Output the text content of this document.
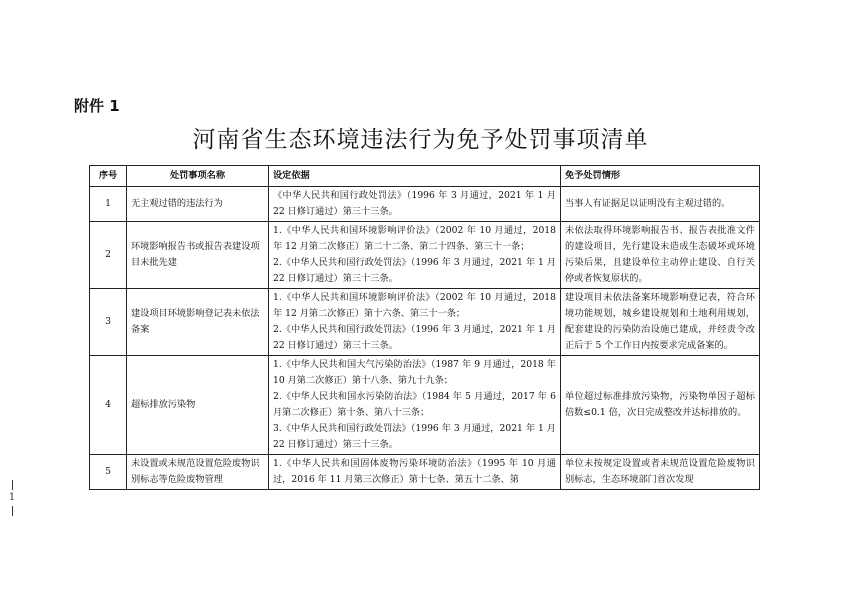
附件 1
河南省生态环境违法行为免予处罚事项清单
1
序号	处罚事项名称	设定依据	免予处罚情形
1	无主观过错的违法行为	《中华人民共和国行政处罚法》（1996 年 3 月通过，2021 年 1 月 22 日修订通过）第三十三条。	当事人有证据足以证明没有主观过错的。
2	环境影响报告书或报告表建设项目未批先建	1.《中华人民共和国环境影响评价法》（2002 年 10 月通过，2018 年 12 月第二次修正）第二十二条、第二十四条、第三十一条；

2.《中华人民共和国行政处罚法》（1996 年 3 月通过，2021 年 1 月 22 日修订通过）第三十三条。	未依法取得环境影响报告书、报告表批准文件的建设项目，先行建设未造成生态破坏或环境污染后果，且建设单位主动停止建设、自行关停或者恢复原状的。
3	建设项目环境影响登记表未依法备案	1.《中华人民共和国环境影响评价法》（2002 年 10 月通过，2018 年 12 月第二次修正）第十六条、第三十一条；

2.《中华人民共和国行政处罚法》（1996 年 3 月通过，2021 年 1 月 22 日修订通过）第三十三条。	建设项目未依法备案环境影响登记表，符合环境功能规划，城乡建设规划和土地利用规划，配套建设的污染防治设施已建成，并经责令改正后于 5 个工作日内按要求完成备案的。
4	超标排放污染物	1.《中华人民共和国大气污染防治法》（1987 年 9 月通过，2018 年 10 月第二次修正）第十八条、第九十九条；

2.《中华人民共和国水污染防治法》（1984 年 5 月通过，2017 年 6 月第二次修正）第十条、第八十三条；

3.《中华人民共和国行政处罚法》（1996 年 3 月通过，2021 年 1 月 22 日修订通过）第三十三条。	单位超过标准排放污染物，污染物单因子超标倍数≤0.1 倍，次日完成整改并达标排放的。
5	未设置或未规范设置危险废物识别标志等危险废物管理	1.《中华人民共和国固体废物污染环境防治法》（1995 年 10 月通过，2016 年 11 月第三次修正）第十七条、第五十二条、第	单位未按规定设置或者未规范设置危险废物识别标志，生态环境部门首次发现
